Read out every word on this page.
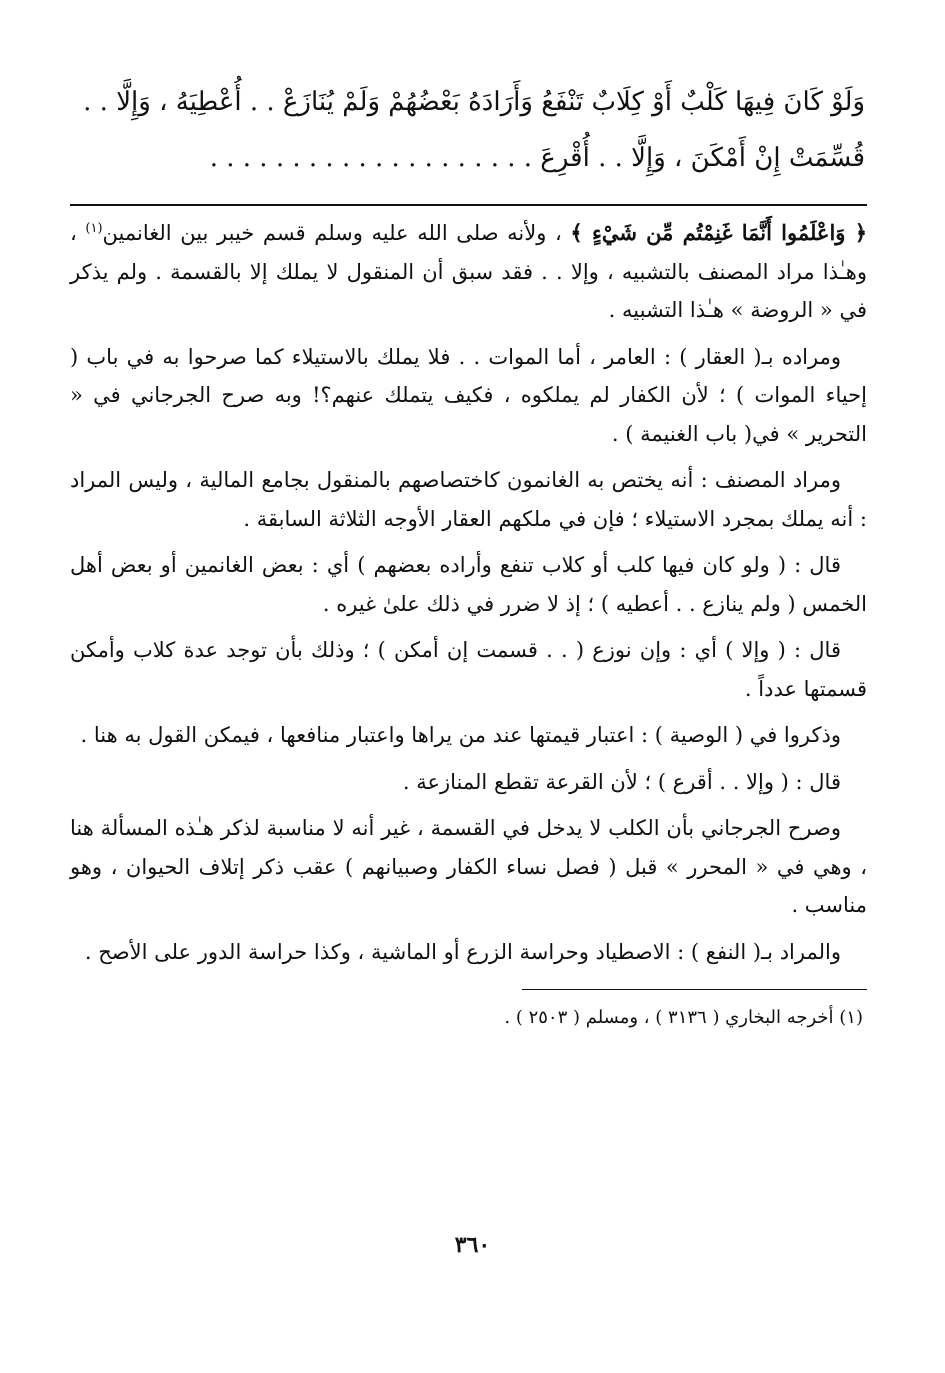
وَلَوْ كَانَ فِيهَا كَلْبٌ أَوْ كِلَابٌ تَنْفَعُ وَأَرَادَهُ بَعْضُهُمْ وَلَمْ يُنَازَعْ . . أُعْطِيَهُ ، وَإِلَّا . .
قُسِّمَتْ إِنْ أَمْكَنَ ، وَإِلَّا . . أُقْرِعَ . . . . . . . . . . . . . . . . . . . .

﴿ وَاعْلَمُوا أَنَّمَا غَنِمْتُم مِّن شَيْءٍ ﴾ ، ولأنه صلى الله عليه وسلم قسم خيبر بين الغانمين$^{(١)}$ ، وهـٰذا مراد المصنف بالتشبيه ، وإلا . . فقد سبق أن المنقول لا يملك إلا بالقسمة . ولم يذكر في « الروضة » هـٰذا التشبيه .

ومراده بـ( العقار ) : العامر ، أما الموات . . فلا يملك بالاستيلاء كما صرحوا به في باب ( إحياء الموات ) ؛ لأن الكفار لم يملكوه ، فكيف يتملك عنهم؟! وبه صرح الجرجاني في « التحرير » في( باب الغنيمة ) .

ومراد المصنف : أنه يختص به الغانمون كاختصاصهم بالمنقول بجامع المالية ، وليس المراد : أنه يملك بمجرد الاستيلاء ؛ فإن في ملكهم العقار الأوجه الثلاثة السابقة .

قال : ( ولو كان فيها كلب أو كلاب تنفع وأراده بعضهم ) أي : بعض الغانمين أو بعض أهل الخمس ( ولم ينازع . . أعطيه ) ؛ إذ لا ضرر في ذلك علىٰ غيره .

قال : ( وإلا ) أي : وإن نوزع ( . . قسمت إن أمكن ) ؛ وذلك بأن توجد عدة كلاب وأمكن قسمتها عدداً .

وذكروا في ( الوصية ) : اعتبار قيمتها عند من يراها واعتبار منافعها ، فيمكن القول به هنا .

قال : ( وإلا . . أقرع ) ؛ لأن القرعة تقطع المنازعة .

وصرح الجرجاني بأن الكلب لا يدخل في القسمة ، غير أنه لا مناسبة لذكر هـٰذه المسألة هنا ، وهي في « المحرر » قبل ( فصل نساء الكفار وصبيانهم ) عقب ذكر إتلاف الحيوان ، وهو مناسب .

والمراد بـ( النفع ) : الاصطياد وحراسة الزرع أو الماشية ، وكذا حراسة الدور على الأصح .

(١) أخرجه البخاري ( ٣١٣٦ ) ، ومسلم ( ٢٥٠٣ ) .

٣٦٠
